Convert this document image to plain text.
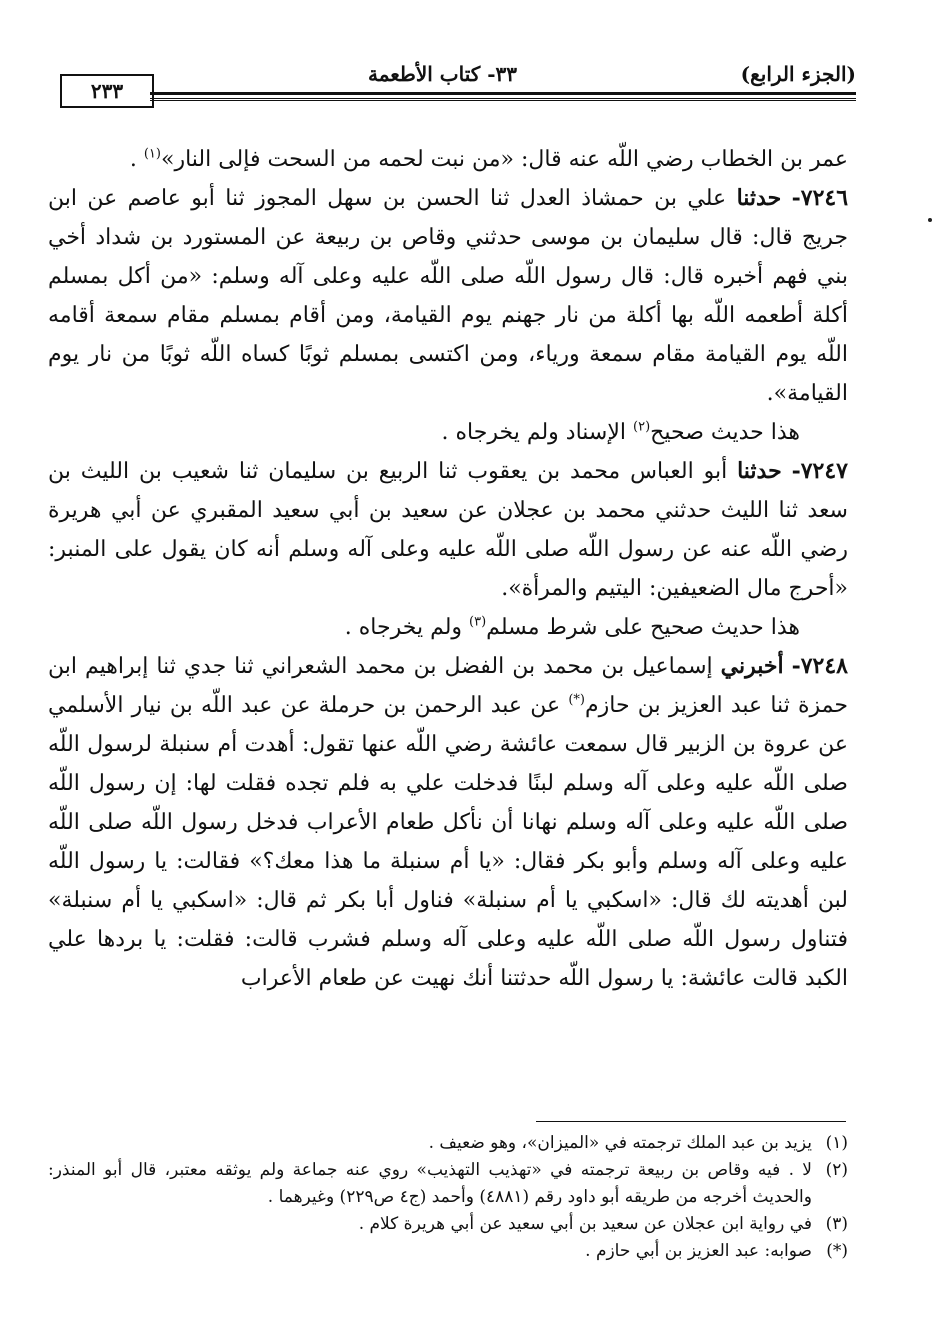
٢٣٣
٣٣- كتاب الأطعمة	(الجزء الرابع)

عمر بن الخطاب رضي اللّه عنه قال: «من نبت لحمه من السحت فإلى النار»$^{(١)}$ .

٧٢٤٦- حدثنا علي بن حمشاذ العدل ثنا الحسن بن سهل المجوز ثنا أبو عاصم عن ابن جريج قال: قال سليمان بن موسى حدثني وقاص بن ربيعة عن المستورد بن شداد أخي بني فهم أخبره قال: قال رسول اللّه صلى اللّه عليه وعلى آله وسلم: «من أكل بمسلم أكلة أطعمه اللّه بها أكلة من نار جهنم يوم القيامة، ومن أقام بمسلم مقام سمعة أقامه اللّه يوم القيامة مقام سمعة ورياء، ومن اكتسى بمسلم ثوبًا كساه اللّه ثوبًا من نار يوم القيامة».

هذا حديث صحيح$^{(٢)}$ الإسناد ولم يخرجاه .

٧٢٤٧- حدثنا أبو العباس محمد بن يعقوب ثنا الربيع بن سليمان ثنا شعيب بن الليث بن سعد ثنا الليث حدثني محمد بن عجلان عن سعيد بن أبي سعيد المقبري عن أبي هريرة رضي اللّه عنه عن رسول اللّه صلى اللّه عليه وعلى آله وسلم أنه كان يقول على المنبر: «أحرج مال الضعيفين: اليتيم والمرأة».

هذا حديث صحيح على شرط مسلم$^{(٣)}$ ولم يخرجاه .

٧٢٤٨- أخبرني إسماعيل بن محمد بن الفضل بن محمد الشعراني ثنا جدي ثنا إبراهيم ابن حمزة ثنا عبد العزيز بن حازم(*) عن عبد الرحمن بن حرملة عن عبد اللّه بن نيار الأسلمي عن عروة بن الزبير قال سمعت عائشة رضي اللّه عنها تقول: أهدت أم سنبلة لرسول اللّه صلى اللّه عليه وعلى آله وسلم لبنًا فدخلت علي به فلم تجده فقلت لها: إن رسول اللّه صلى اللّه عليه وعلى آله وسلم نهانا أن نأكل طعام الأعراب فدخل رسول اللّه صلى اللّه عليه وعلى آله وسلم وأبو بكر فقال: «يا أم سنبلة ما هذا معك؟» فقالت: يا رسول اللّه لبن أهديته لك قال: «اسكبي يا أم سنبلة» فناول أبا بكر ثم قال: «اسكبي يا أم سنبلة» فتناول رسول اللّه صلى اللّه عليه وعلى آله وسلم فشرب قالت: فقلت: يا بردها علي الكبد قالت عائشة: يا رسول اللّه حدثتنا أنك نهيت عن طعام الأعراب

(١)
يزيد بن عبد الملك ترجمته في «الميزان»، وهو ضعيف .
(٢)
لا . فيه وقاص بن ربيعة ترجمته في «تهذيب التهذيب» روي عنه جماعة ولم يوثقه معتبر، قال أبو المنذر: والحديث أخرجه من طريقه أبو داود رقم (٤٨٨١) وأحمد (ج٤ ص٢٢٩) وغيرهما .
(٣)
في رواية ابن عجلان عن سعيد بن أبي سعيد عن أبي هريرة كلام .
(*)
صوابه: عبد العزيز بن أبي حازم .
